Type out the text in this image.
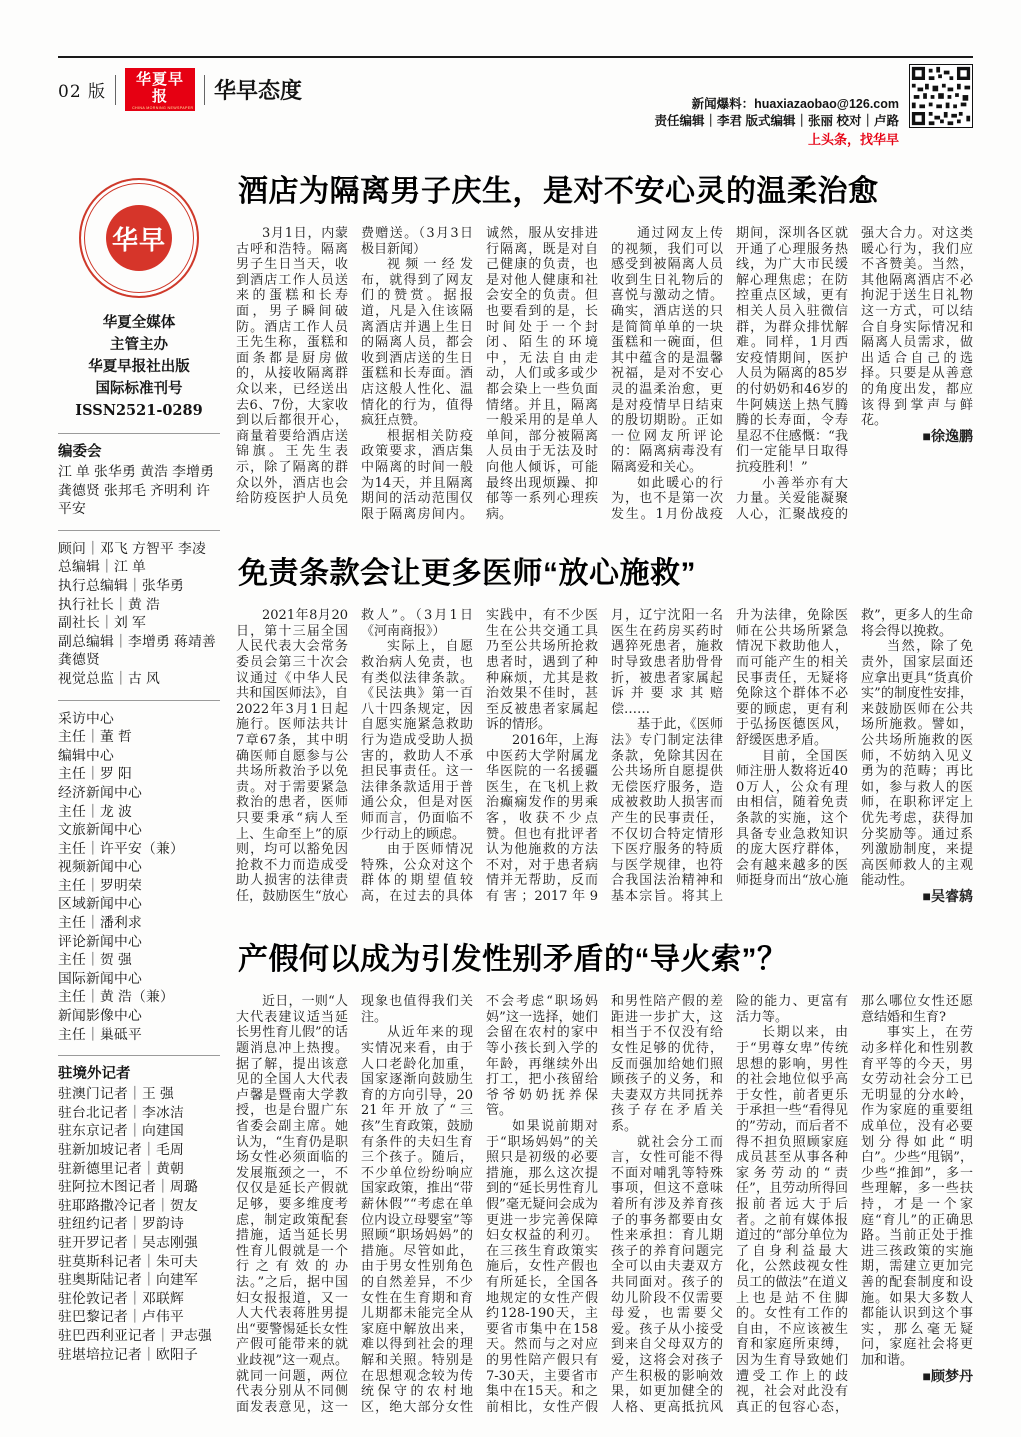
02 版
华夏早报
CHINA MORNING NEWSPAPER
华早态度
新闻爆料：huaxiazaobao@126.com
责任编辑｜李君 版式编辑｜张丽 校对｜卢路
上头条，找华早
华早
华夏全媒体
主管主办
华夏早报社出版
国际标准刊号
ISSN2521-0289
编委会
江 单 张华勇 黄浩 李增勇 龚德贤 张邦毛 齐明利 许平安
顾问｜邓飞 方智平 李凌
总编辑｜江 单
执行总编辑｜张华勇
执行社长｜黄 浩
副社长｜刘 军
副总编辑｜李增勇 蒋靖善 龚德贤
视觉总监｜古 风
采访中心
主任｜董 哲
编辑中心
主任｜罗 阳
经济新闻中心
主任｜龙 波
文旅新闻中心
主任｜许平安（兼）
视频新闻中心
主任｜罗明荣
区域新闻中心
主任｜潘利求
评论新闻中心
主任｜贺 强
国际新闻中心
主任｜黄 浩（兼）
新闻影像中心
主任｜巢砥平
驻境外记者
驻澳门记者｜王 强
驻台北记者｜李冰洁
驻东京记者｜向建国
驻新加坡记者｜毛周
驻新德里记者｜黄朝
驻阿拉木图记者｜周璐
驻耶路撒冷记者｜贺友
驻纽约记者｜罗韵诗
驻开罗记者｜吴志刚强
驻莫斯科记者｜朱可夫
驻奥斯陆记者｜向建军
驻伦敦记者｜邓联辉
驻巴黎记者｜卢伟平
驻巴西利亚记者｜尹志强
驻堪培拉记者｜欧阳子
酒店为隔离男子庆生，是对不安心灵的温柔治愈

3月1日，内蒙古呼和浩特。隔离男子生日当天，收到酒店工作人员送来的蛋糕和长寿面，男子瞬间破防。酒店工作人员王先生称，蛋糕和面条都是厨房做的，从接收隔离群众以来，已经送出去6、7份，大家收到以后都很开心，商量着要给酒店送锦旗。王先生表示，除了隔离的群众以外，酒店也会给防疫医护人员免费赠送。（3月3日极目新闻）

视频一经发布，就得到了网友们的赞赏。据报道，凡是入住该隔离酒店并遇上生日的隔离人员，都会收到酒店送的生日蛋糕和长寿面。酒店这般人性化、温情化的行为，值得疯狂点赞。

根据相关防疫政策要求，酒店集中隔离的时间一般为14天，并且隔离期间的活动范围仅限于隔离房间内。诚然，服从安排进行隔离，既是对自己健康的负责，也是对他人健康和社会安全的负责。但也要看到的是，长时间处于一个封闭、陌生的环境中，无法自由走动，人们或多或少都会染上一些负面情绪。并且，隔离一般采用的是单人单间，部分被隔离人员由于无法及时向他人倾诉，可能最终出现烦躁、抑郁等一系列心理疾病。

通过网友上传的视频，我们可以感受到被隔离人员收到生日礼物后的喜悦与激动之情。确实，酒店送的只是简简单单的一块蛋糕和一碗面，但其中蕴含的是温馨祝福，是对不安心灵的温柔治愈，更是对疫情早日结束的殷切期盼。正如一位网友所评论的：隔离病毒没有隔离爱和关心。

如此暖心的行为，也不是第一次发生。1月份战疫期间，深圳各区就开通了心理服务热线，为广大市民缓解心理焦虑；在防控重点区域，更有相关人员入驻微信群，为群众排忧解难。同样，1月西安疫情期间，医护人员为隔离的85岁的付奶奶和46岁的牛阿姨送上热气腾腾的长寿面，令寿星忍不住感慨：“我们一定能早日取得抗疫胜利！”

小善举亦有大力量。关爱能凝聚人心，汇聚战疫的强大合力。对这类暖心行为，我们应不吝赞美。当然，其他隔离酒店不必拘泥于送生日礼物这一方式，可以结合自身实际情况和隔离人员需求，做出适合自己的选择。只要是从善意的角度出发，都应该得到掌声与鲜花。

■徐逸鹏

免责条款会让更多医师“放心施救”

2021年8月20日，第十三届全国人民代表大会常务委员会第三十次会议通过《中华人民共和国医师法》，自2022年3月1日起施行。医师法共计7章67条，其中明确医师自愿参与公共场所救治予以免责。对于需要紧急救治的患者，医师只要秉承“病人至上、生命至上”的原则，均可以豁免因抢救不力而造成受助人损害的法律责任，鼓励医生“放心救人”。（3月1日《河南商报》）

实际上，自愿救治病人免责，也有类似法律条款。《民法典》第一百八十四条规定，因自愿实施紧急救助行为造成受助人损害的，救助人不承担民事责任。这一法律条款适用于普通公众，但是对医师而言，仍面临不少行动上的顾虑。

由于医师情况特殊，公众对这个群体的期望值较高，在过去的具体实践中，有不少医生在公共交通工具乃至公共场所抢救患者时，遇到了种种麻烦，尤其是救治效果不佳时，甚至反被患者家属起诉的情形。

2016年，上海中医药大学附属龙华医院的一名援疆医生，在飞机上救治癫痫发作的男乘客，收获不少点赞。但也有批评者认为他施救的方法不对，对于患者病情并无帮助，反而有害；2017年9月，辽宁沈阳一名医生在药房买药时遇猝死患者，施救时导致患者肋骨骨折，被患者家属起诉并要求其赔偿……

基于此，《医师法》专门制定法律条款，免除其因在公共场所自愿提供无偿医疗服务，造成被救助人损害而产生的民事责任，不仅切合特定情形下医疗服务的特质与医学规律，也符合我国法治精神和基本宗旨。将其上升为法律，免除医师在公共场所紧急情况下救助他人，而可能产生的相关民事责任，无疑将免除这个群体不必要的顾虑，更有利于弘扬医德医风，舒缓医患矛盾。

目前，全国医师注册人数将近400万人，公众有理由相信，随着免责条款的实施，这个具备专业急救知识的庞大医疗群体，会有越来越多的医师挺身而出“放心施救”，更多人的生命将会得以挽救。

当然，除了免责外，国家层面还应拿出更具“货真价实”的制度性安排，来鼓励医师在公共场所施救。譬如，公共场所施救的医师，不妨纳入见义勇为的范畴；再比如，参与救人的医师，在职称评定上优先考虑，获得加分奖励等。通过系列激励制度，来提高医师救人的主观能动性。

■吴睿鸫

产假何以成为引发性别矛盾的“导火索”？

近日，一则“人大代表建议适当延长男性育儿假”的话题消息冲上热搜。据了解，提出该意见的全国人大代表卢馨是暨南大学教授，也是台盟广东省委会副主席。她认为，“生育仍是职场女性必须面临的发展瓶颈之一，不仅仅是延长产假就足够，要多维度考虑，制定政策配套措施，适当延长男性育儿假就是一个行之有效的办法。”之后，据中国妇女报报道，又一人大代表蒋胜男提出“要警惕延长女性产假可能带来的就业歧视”这一观点。就同一问题，两位代表分别从不同侧面发表意见，这一现象也值得我们关注。

从近年来的现实情况来看，由于人口老龄化加重，国家逐渐向鼓励生育的方向引导，2021年开放了“三孩”生育政策，鼓励有条件的夫妇生育三个孩子。随后，不少单位纷纷响应国家政策，推出“带薪休假”“考虑在单位内设立母婴室”等照顾“职场妈妈”的措施。尽管如此，由于男女性别角色的自然差异，不少女性在生育期和育儿期都未能完全从家庭中解放出来，难以得到社会的理解和关照。特别是在思想观念较为传统保守的农村地区，绝大部分女性不会考虑“职场妈妈”这一选择，她们会留在农村的家中等小孩长到入学的年龄，再继续外出打工，把小孩留给爷爷奶奶抚养保管。

如果说前期对于“职场妈妈”的关照只是初级的必要措施，那么这次提到的“延长男性育儿假”毫无疑问会成为更进一步完善保障妇女权益的利刃。在三孩生育政策实施后，女性产假也有所延长，全国各地规定的女性产假约128-190天，主要省市集中在158天。然而与之对应的男性陪产假只有7-30天，主要省市集中在15天。和之前相比，女性产假和男性陪产假的差距进一步扩大，这相当于不仅没有给女性足够的优待，反而强加给她们照顾孩子的义务，和夫妻双方共同抚养孩子存在矛盾关系。

就社会分工而言，女性可能不得不面对哺乳等特殊事项，但这不意味着所有涉及养育孩子的事务都要由女性来承担：育儿期孩子的养育问题完全可以由夫妻双方共同面对。孩子的幼儿阶段不仅需要母爱，也需要父爱。孩子从小接受到来自父母双方的爱，这将会对孩子产生积极的影响效果，如更加健全的人格、更高抵抗风险的能力、更富有活力等。

长期以来，由于“男尊女卑”传统思想的影响，男性的社会地位似乎高于女性，前者更乐于承担一些“看得见的”劳动，而后者不得不担负照顾家庭成员甚至从事各种家务劳动的“责任”，且劳动所得回报前者远大于后者。之前有媒体报道过的“部分单位为了自身利益最大化，公然歧视女性员工的做法”在道义上也是站不住脚的。女性有工作的自由，不应该被生育和家庭所束缚，因为生育导致她们遭受工作上的歧视，社会对此没有真正的包容心态，那么哪位女性还愿意结婚和生育?

事实上，在劳动多样化和性别教育平等的今天，男女劳动社会分工已无明显的分水岭，作为家庭的重要组成单位，没有必要划分得如此“明白”。少些“甩锅”，少些“推卸”，多一些理解，多一些扶持，才是一个家庭“育儿”的正确思路。当前正处于推进三孩政策的实施期，需建立更加完善的配套制度和设施。如果大多数人都能认识到这个事实，那么毫无疑问，家庭社会将更加和谐。

■顾梦丹
